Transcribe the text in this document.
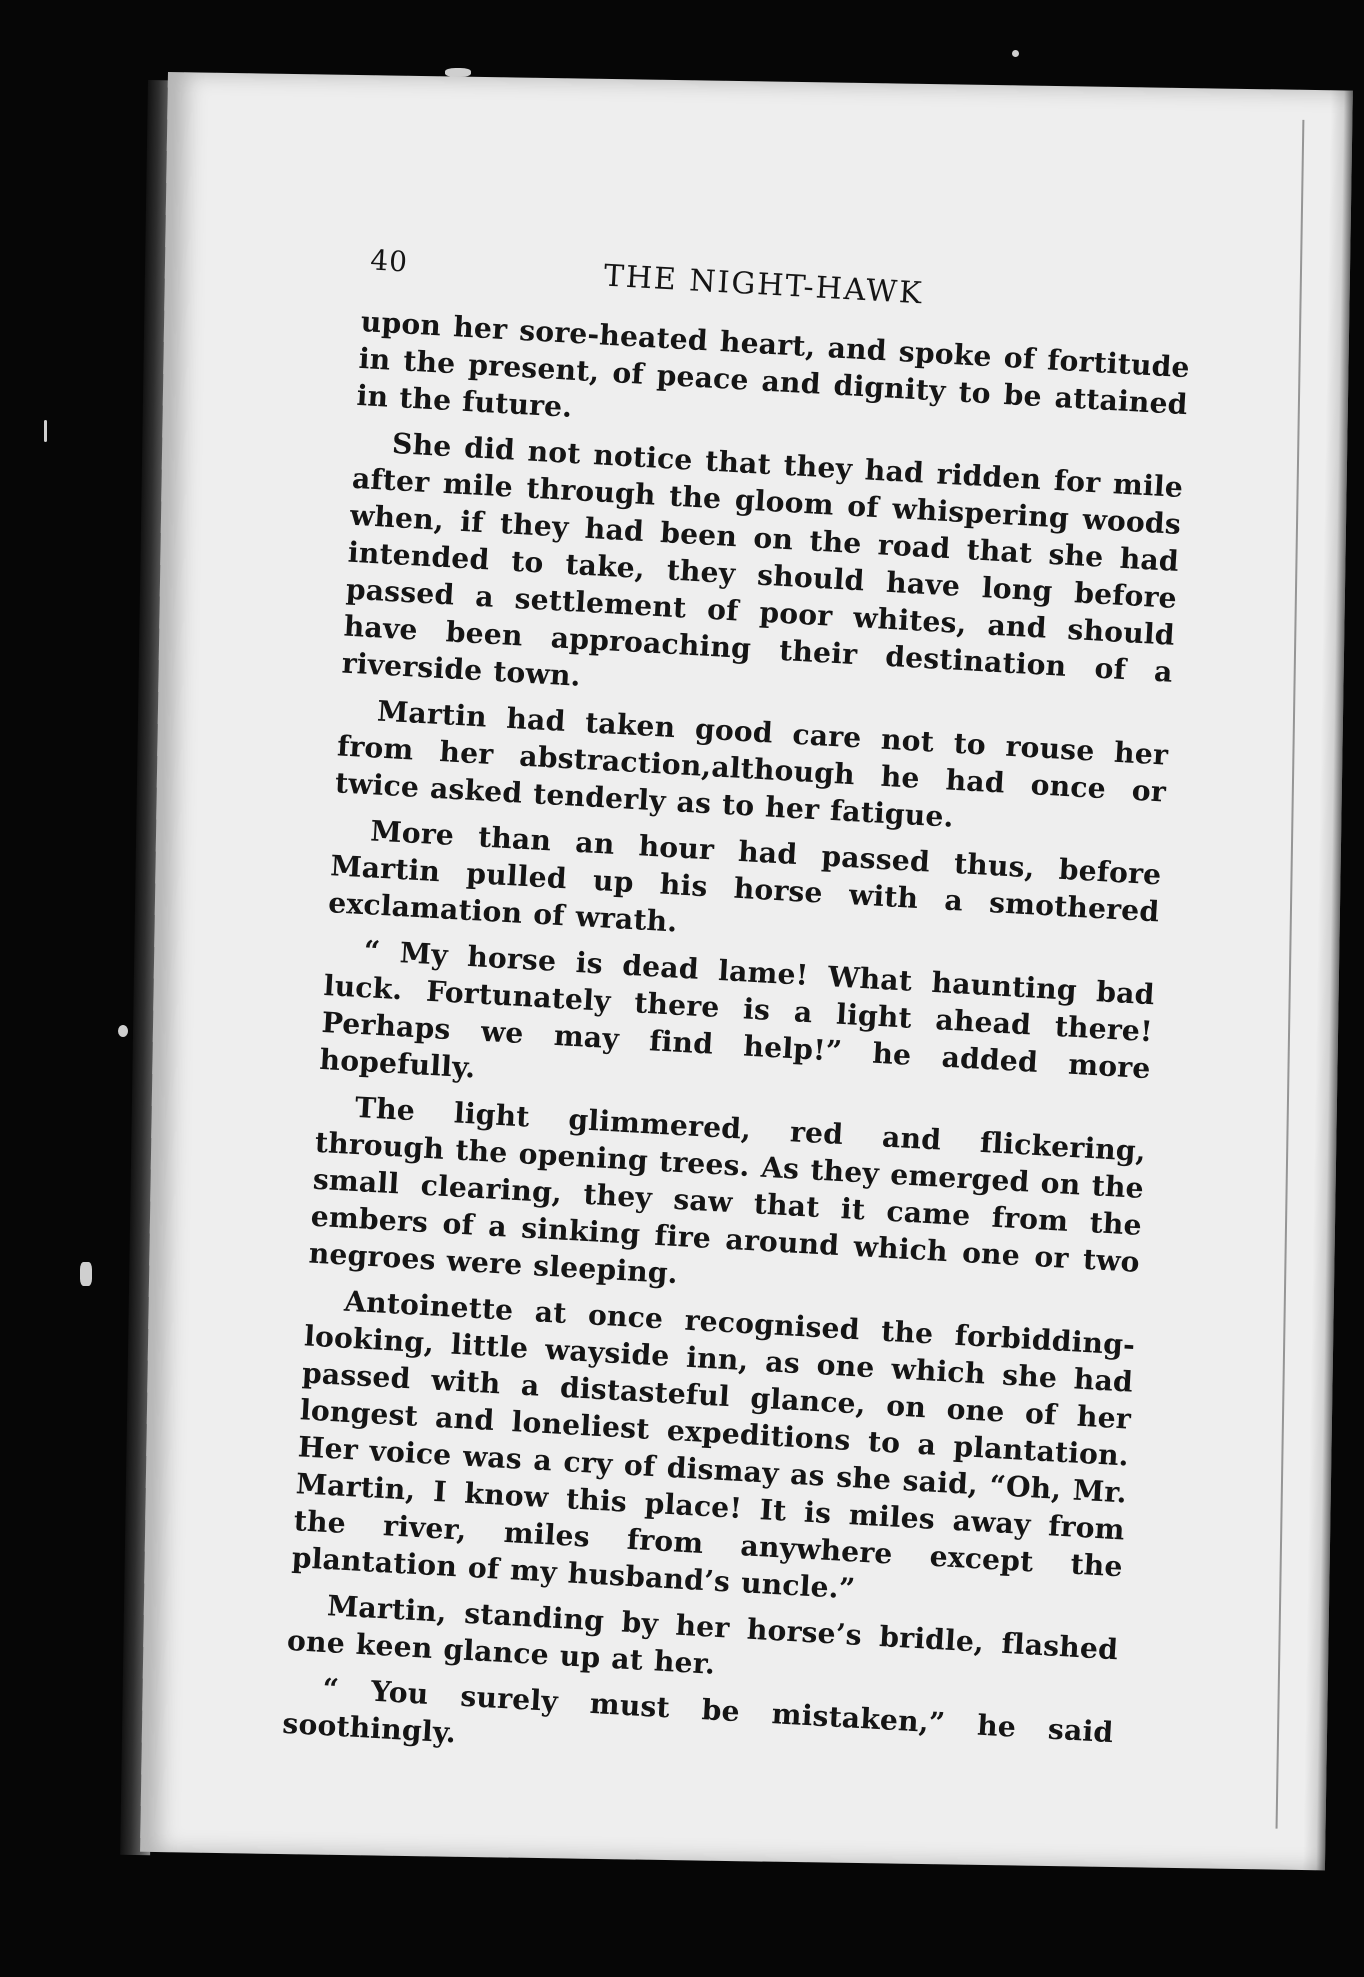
40	THE NIGHT-HAWK

upon her sore-heated heart, and spoke of fortitude in the present, of peace and dignity to be attained in the future.

She did not notice that they had ridden for mile after mile through the gloom of whispering woods when, if they had been on the road that she had intended to take, they should have long before passed a settlement of poor whites, and should have been approaching their destination of a riverside town.

Martin had taken good care not to rouse her from her abstraction,although he had once or twice asked tenderly as to her fatigue.

More than an hour had passed thus, before Martin pulled up his horse with a smothered exclamation of wrath.

“ My horse is dead lame! What haunting bad luck. Fortunately there is a light ahead there! Perhaps we may find help!” he added more hopefully.

The light glimmered, red and flickering, through the opening trees. As they emerged on the small clearing, they saw that it came from the embers of a sinking fire around which one or two negroes were sleeping.

Antoinette at once recognised the forbidding-looking, little wayside inn, as one which she had passed with a distasteful glance, on one of her longest and loneliest expeditions to a plantation. Her voice was a cry of dismay as she said, “Oh, Mr. Martin, I know this place! It is miles away from the river, miles from anywhere except the plantation of my husband’s uncle.”

Martin, standing by her horse’s bridle, flashed one keen glance up at her.

“ You surely must be mistaken,” he said soothingly.
